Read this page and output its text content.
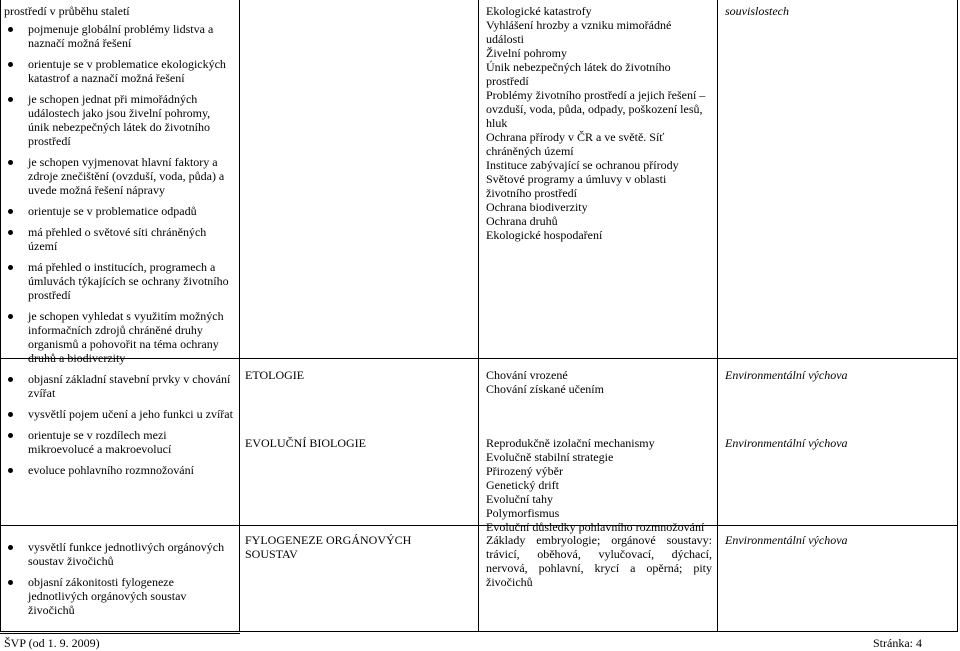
prostředí v průběhu staletí
pojmenuje globální problémy lidstva a naznačí možná řešení
orientuje se v problematice ekologických katastrof a naznačí možná řešení
je schopen jednat při mimořádných událostech jako jsou živelní pohromy, únik nebezpečných látek do životního prostředí
je schopen vyjmenovat hlavní faktory a zdroje znečištění (ovzduší, voda, půda) a uvede možná řešení nápravy
orientuje se v problematice odpadů
má přehled o světové síti chráněných území
má přehled o institucích, programech a úmluvách týkajících se ochrany životního prostředí
je schopen vyhledat s využitím možných informačních zdrojů chráněné druhy organismů a pohovořit na téma ochrany druhů a biodiverzity
Ekologické katastrofy
Vyhlášení hrozby a vzniku mimořádné události
Živelní pohromy
Únik nebezpečných látek do životního prostředí
Problémy životního prostředí a jejich řešení – ovzduší, voda, půda, odpady, poškození lesů, hluk
Ochrana přírody v ČR a ve světě. Síť chráněných území
Instituce zabývající se ochranou přírody
Světové programy a úmluvy v oblasti životního prostředí
Ochrana biodiverzity
Ochrana druhů
Ekologické hospodaření
souvislostech
objasní základní stavební prvky v chování zvířat
vysvětlí pojem učení a jeho funkci u zvířat
orientuje se v rozdílech mezi mikroevolucé a makroevolucí
evoluce pohlavního rozmnožování
ETOLOGIE
EVOLUČNÍ BIOLOGIE
Chování vrozené
Chování získané učením
Reprodukčně izolační mechanismy
Evolučně stabilní strategie
Přirozený výběr
Genetický drift
Evoluční tahy
Polymorfismus
Evoluční důsledky pohlavního rozmnožování
Environmentální výchova
Environmentální výchova
vysvětlí funkce jednotlivých orgánových soustav živočichů
objasní zákonitosti fylogeneze jednotlivých orgánových soustav živočichů
FYLOGENEZE ORGÁNOVÝCH SOUSTAV
Základy embryologie; orgánové soustavy: trávicí, oběhová, vylučovací, dýchací, nervová, pohlavní, krycí a opěrná; pity živočichů
Environmentální výchova
ŠVP (od 1. 9. 2009)	Stránka: 4
